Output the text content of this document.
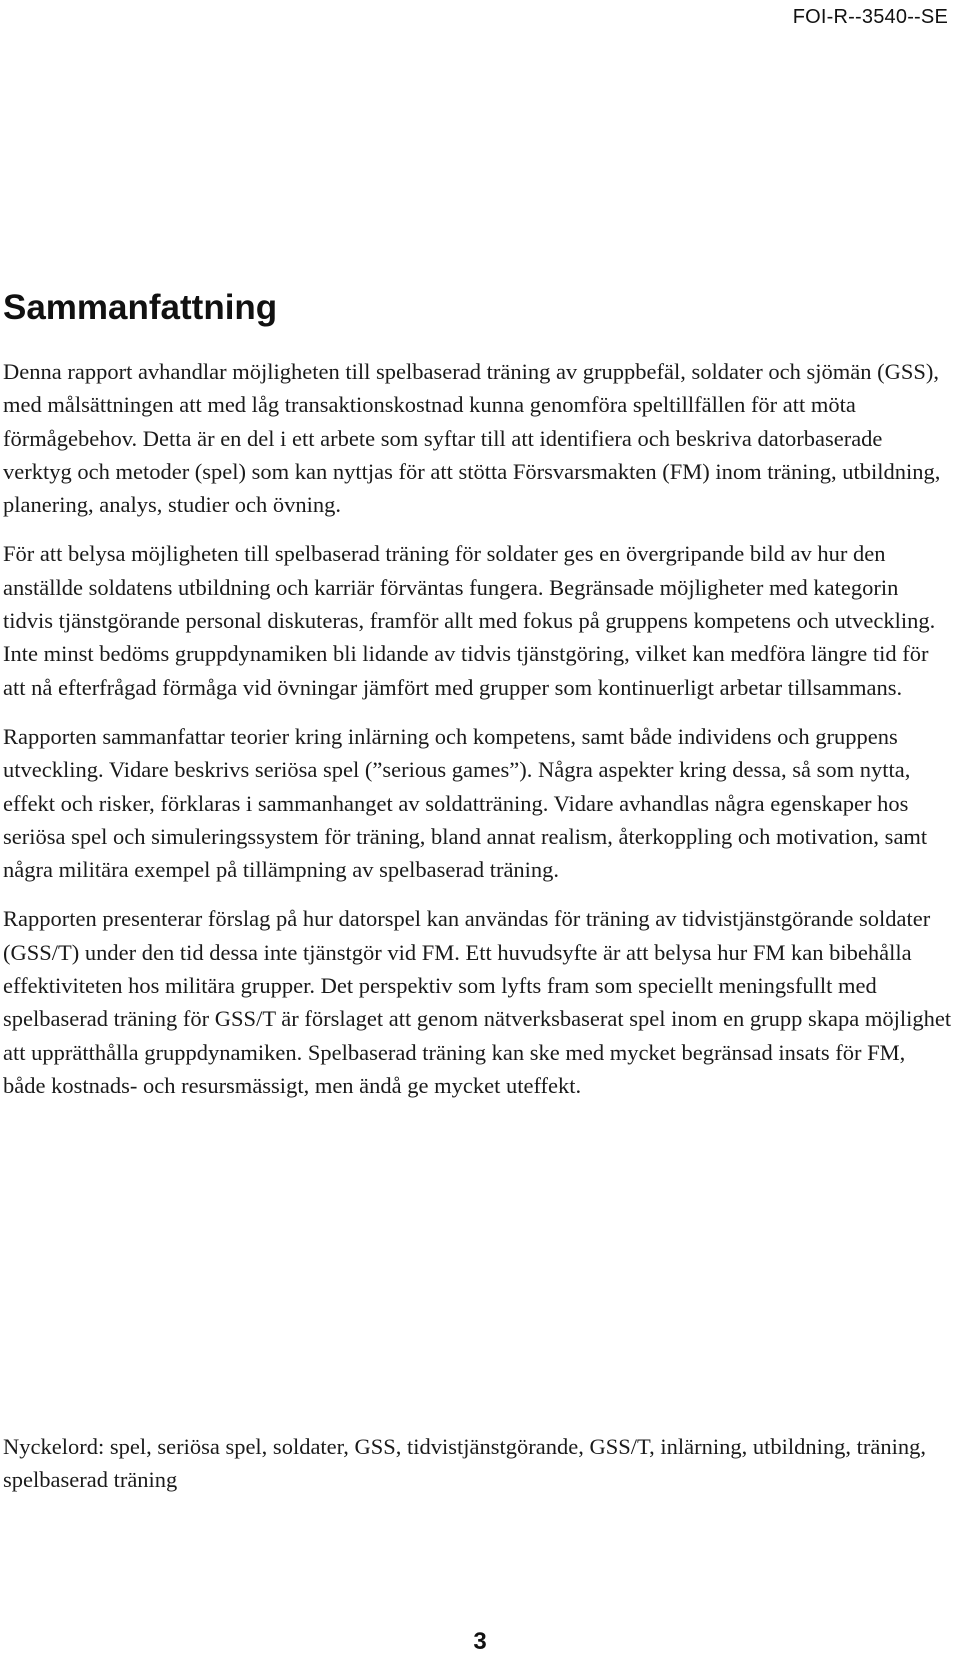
FOI-R--3540--SE
Sammanfattning

Denna rapport avhandlar möjligheten till spelbaserad träning av gruppbefäl, soldater och sjömän (GSS), med målsättningen att med låg transaktionskostnad kunna genomföra speltillfällen för att möta förmågebehov. Detta är en del i ett arbete som syftar till att identifiera och beskriva datorbaserade verktyg och metoder (spel) som kan nyttjas för att stötta Försvarsmakten (FM) inom träning, utbildning, planering, analys, studier och övning.

För att belysa möjligheten till spelbaserad träning för soldater ges en övergripande bild av hur den anställde soldatens utbildning och karriär förväntas fungera. Begränsade möjligheter med kategorin tidvis tjänstgörande personal diskuteras, framför allt med fokus på gruppens kompetens och utveckling. Inte minst bedöms gruppdynamiken bli lidande av tidvis tjänstgöring, vilket kan medföra längre tid för att nå efterfrågad förmåga vid övningar jämfört med grupper som kontinuerligt arbetar tillsammans.

Rapporten sammanfattar teorier kring inlärning och kompetens, samt både individens och gruppens utveckling. Vidare beskrivs seriösa spel (”serious games”). Några aspekter kring dessa, så som nytta, effekt och risker, förklaras i sammanhanget av soldatträning. Vidare avhandlas några egenskaper hos seriösa spel och simuleringssystem för träning, bland annat realism, återkoppling och motivation, samt några militära exempel på tillämpning av spelbaserad träning.

Rapporten presenterar förslag på hur datorspel kan användas för träning av tidvistjänstgörande soldater (GSS/T) under den tid dessa inte tjänstgör vid FM. Ett huvudsyfte är att belysa hur FM kan bibehålla effektiviteten hos militära grupper. Det perspektiv som lyfts fram som speciellt meningsfullt med spelbaserad träning för GSS/T är förslaget att genom nätverksbaserat spel inom en grupp skapa möjlighet att upprätthålla gruppdynamiken. Spelbaserad träning kan ske med mycket begränsad insats för FM, både kostnads- och resursmässigt, men ändå ge mycket uteffekt.

Nyckelord: spel, seriösa spel, soldater, GSS, tidvistjänstgörande, GSS/T, inlärning, utbildning, träning, spelbaserad träning

3
